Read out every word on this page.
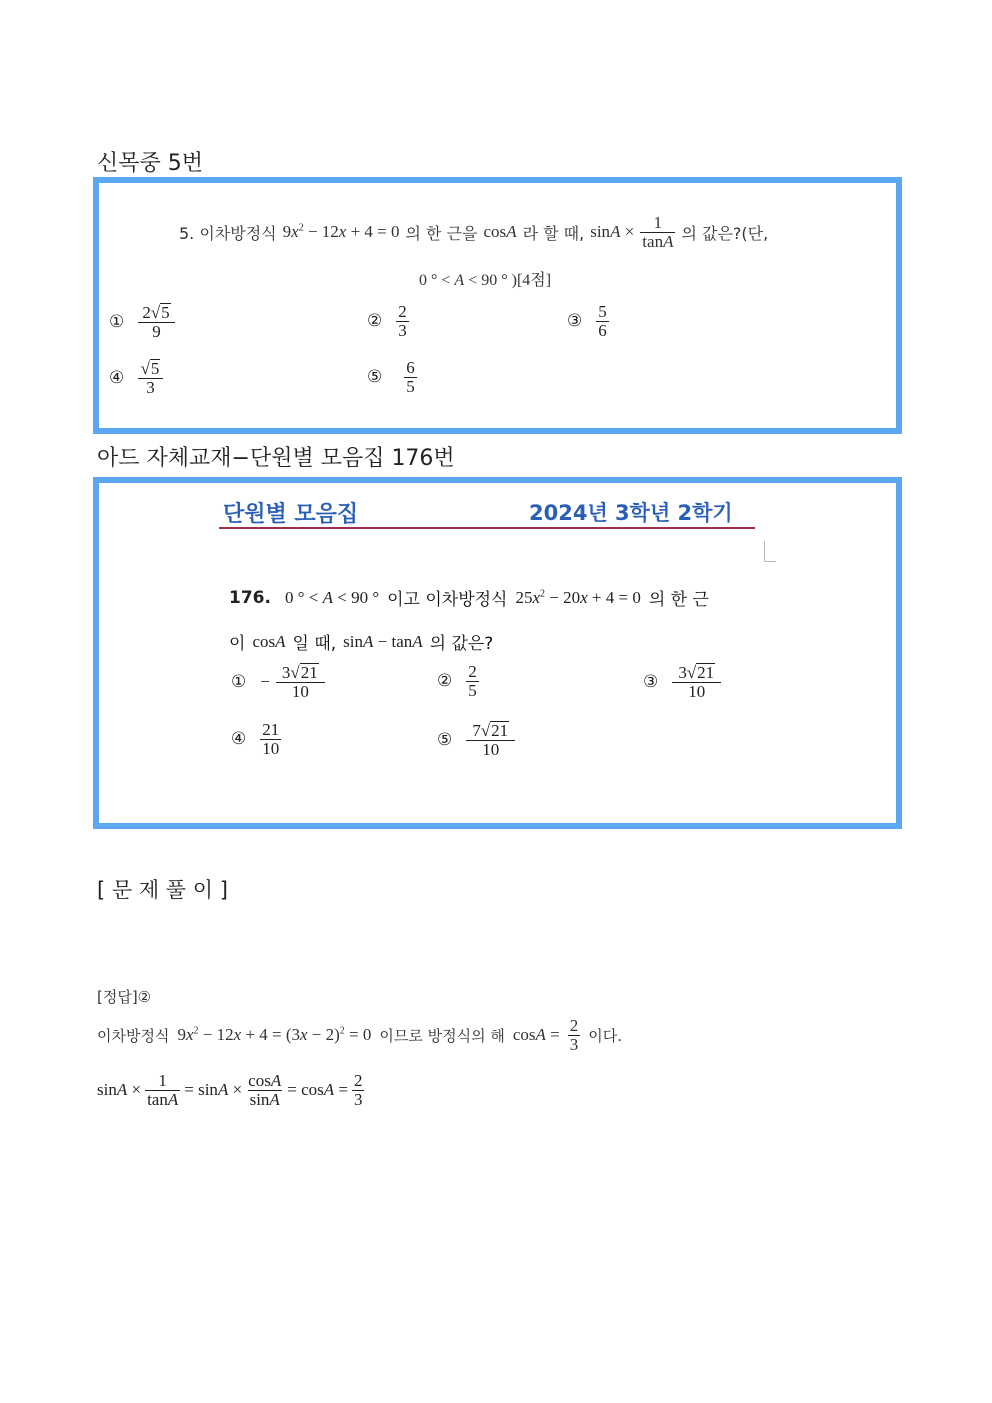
신목중 5번
5. 이차방정식 $9x^2 - 12x + 4 = 0$ 의 한 근을 cosA 라 할 때, $\sin A \times \frac{1}{\tan A}$ 의 값은?(단,
0 ° < A < 90 ° )[4점]
① $\frac{2√ 5}{9}$	② $\frac{2}{3}$	③ $\frac{5}{6}$
④ $\frac{√ 5}{3}$	⑤ $\frac{6}{5}$
아드 자체교재−단원별 모음집 176번
단원별 모음집	2024년 3학년 2학기
176. 0 ° < A < 90 ° 이고 이차방정식 $25x^2 - 20x + 4 = 0$ 의 한 근
이 cosA 일 때, sinA − tanA 의 값은?
① − $\frac{3√ 21}{10}$	② $\frac{2}{5}$	③ $\frac{3√ 21}{10}$
④ $\frac{21}{10}$	⑤ $\frac{7√ 21}{10}$
[ 문 제 풀 이 ]
[정답]②
이차방정식 $9x^2 - 12x + 4 = (3x - 2)^2 = 0$ 이므로 방정식의 해 $\cos A = \frac{2}{3}$ 이다.
$\sin A \times \frac{1}{\tan A} = \sin A \times \frac{\cos A}{\sin A} = \cos A = \frac{2}{3}$
